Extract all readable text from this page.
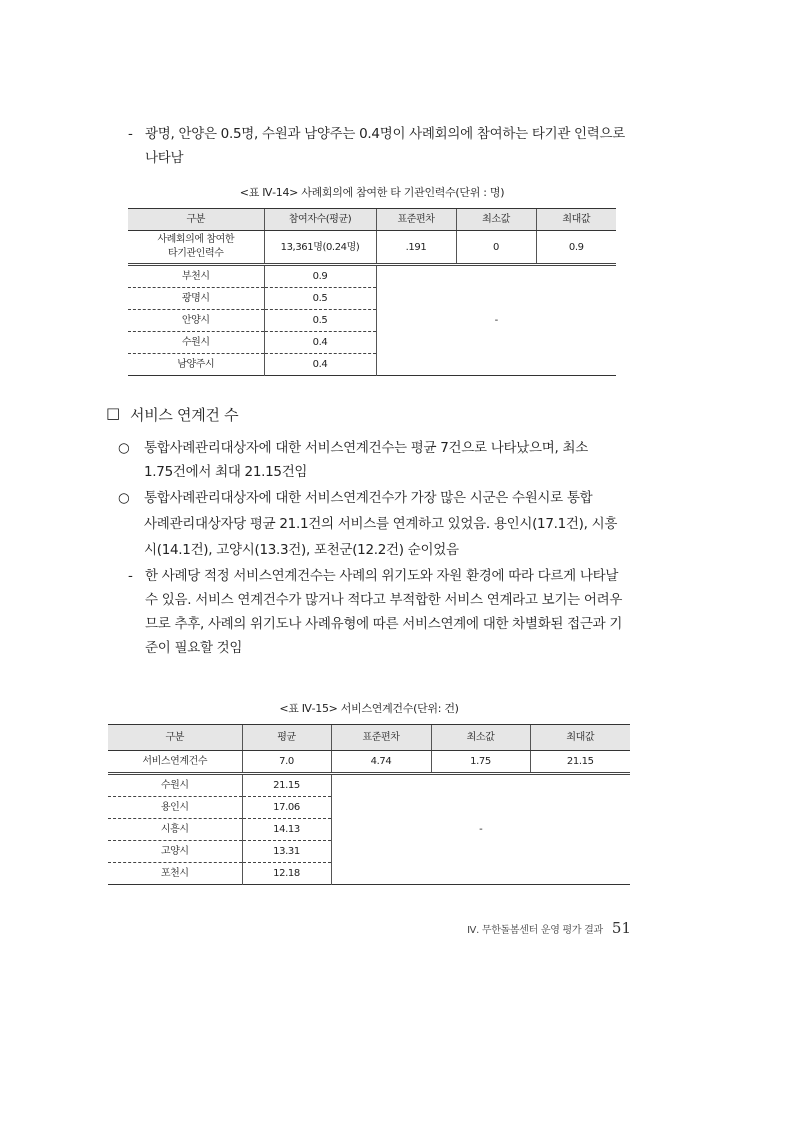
- 광명, 안양은 0.5명, 수원과 남양주는 0.4명이 사례회의에 참여하는 타기관 인력으로
나타남
<표 Ⅳ-14> 사례회의에 참여한 타 기관인력수(단위 : 명)
구분	참여자수(평균)	표준편차	최소값	최대값
사례회의에 참여한
타기관인력수	13,361명(0.24명)	.191	0	0.9
부천시	0.9	-		
광명시	0.5			
안양시	0.5			
수원시	0.4			
남양주시	0.4			
□ 서비스 연계건 수
○ 통합사례관리대상자에 대한 서비스연계건수는 평균 7건으로 나타났으며, 최소
1.75건에서 최대 21.15건임
○ 통합사례관리대상자에 대한 서비스연계건수가 가장 많은 시군은 수원시로 통합
사례관리대상자당 평균 21.1건의 서비스를 연계하고 있었음. 용인시(17.1건), 시흥
시(14.1건), 고양시(13.3건), 포천군(12.2건) 순이었음
- 한 사례당 적정 서비스연계건수는 사례의 위기도와 자원 환경에 따라 다르게 나타날
수 있음. 서비스 연계건수가 많거나 적다고 부적합한 서비스 연계라고 보기는 어려우
므로 추후, 사례의 위기도나 사례유형에 따른 서비스연계에 대한 차별화된 접근과 기
준이 필요할 것임
<표 Ⅳ-15> 서비스연계건수(단위: 건)
구분	평균	표준편차	최소값	최대값
서비스연계건수	7.0	4.74	1.75	21.15
수원시	21.15	-		
용인시	17.06			
시흥시	14.13			
고양시	13.31			
포천시	12.18			
Ⅳ. 무한돌봄센터 운영 평가 결과 51
